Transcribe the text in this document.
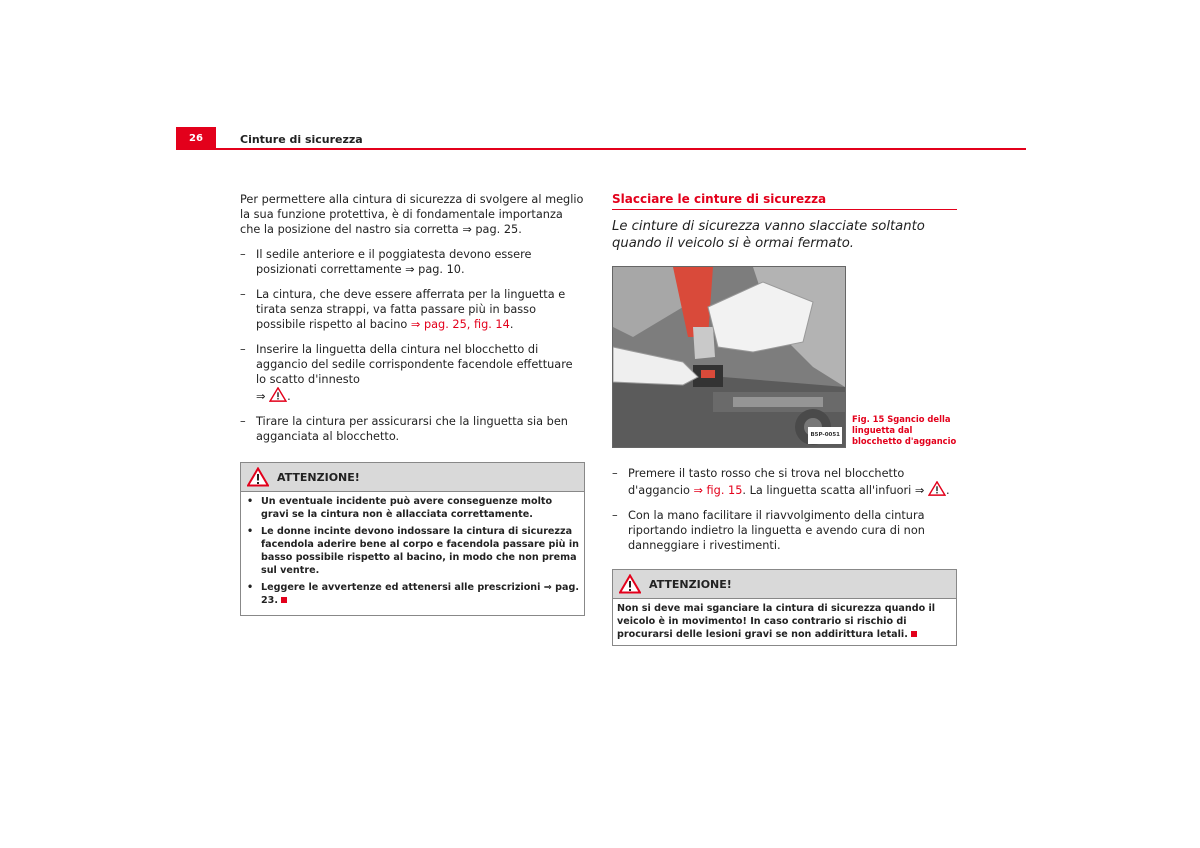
26	Cinture di sicurezza

Per permettere alla cintura di sicurezza di svolgere al meglio la sua funzione protettiva, è di fondamentale importanza che la posizione del nastro sia corretta ⇒ pag. 25.

– Il sedile anteriore e il poggiatesta devono essere posizionati correttamente ⇒ pag. 10.
– La cintura, che deve essere afferrata per la linguetta e tirata senza strappi, va fatta passare più in basso possibile rispetto al bacino ⇒ pag. 25, fig. 14.
– Inserire la linguetta della cintura nel blocchetto di aggancio del sedile corrispondente facendole effettuare lo scatto d'innesto
⇒ .
– Tirare la cintura per assicurarsi che la linguetta sia ben agganciata al blocchetto.
ATTENZIONE!
• Un eventuale incidente può avere conseguenze molto gravi se la cintura non è allacciata correttamente.
• Le donne incinte devono indossare la cintura di sicurezza facendola aderire bene al corpo e facendola passare più in basso possibile rispetto al bacino, in modo che non prema sul ventre.
• Leggere le avvertenze ed attenersi alle prescrizioni ⇒ pag. 23.
Slacciare le cinture di sicurezza
Le cinture di sicurezza vanno slacciate soltanto quando il veicolo si è ormai fermato.
B5P-0051
Fig. 15 Sgancio della linguetta dal blocchetto d'aggancio
– Premere il tasto rosso che si trova nel blocchetto d'aggancio ⇒ fig. 15. La linguetta scatta all'infuori ⇒ .
– Con la mano facilitare il riavvolgimento della cintura riportando indietro la linguetta e avendo cura di non danneggiare i rivestimenti.
ATTENZIONE!
Non si deve mai sganciare la cintura di sicurezza quando il veicolo è in movimento! In caso contrario si rischio di procurarsi delle lesioni gravi se non addirittura letali.
